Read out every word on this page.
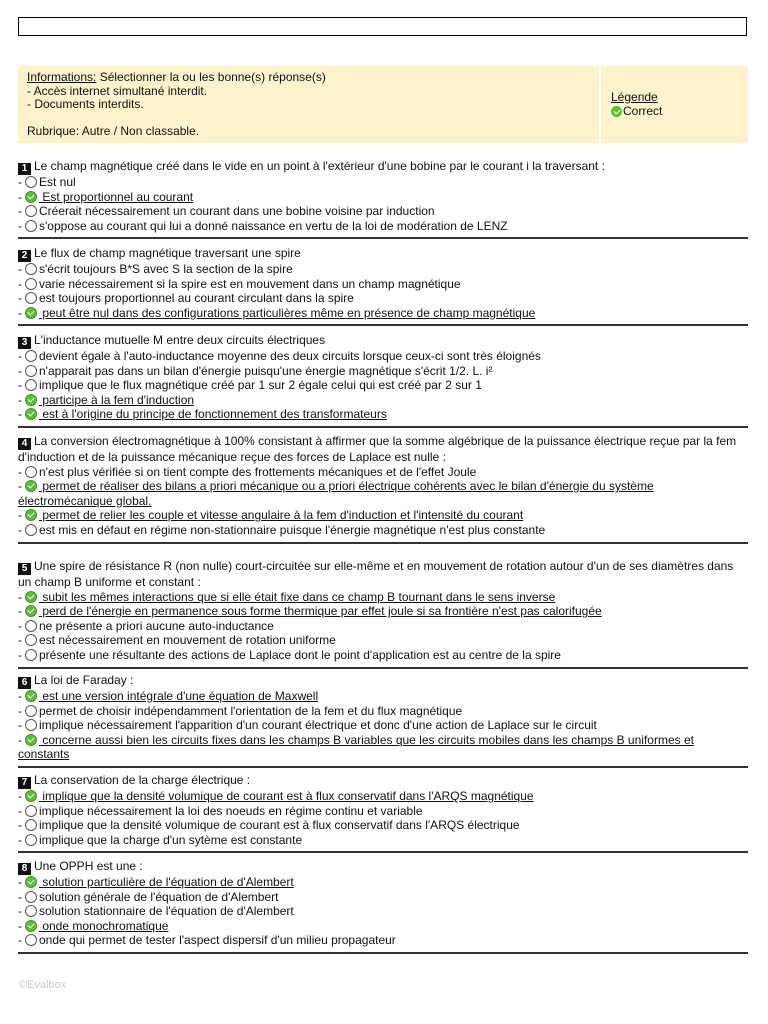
Informations: Sélectionner la ou les bonne(s) réponse(s)
- Accès internet simultané interdit.
- Documents interdits.
Rubrique: Autre / Non classable.
Légende
Correct
1 Le champ magnétique créé dans le vide en un point à l'extérieur d'une bobine par le courant i la traversant :
- Est nul
- Est proportionnel au courant
- Créerait nécessairement un courant dans une bobine voisine par induction
- s'oppose au courant qui lui a donné naissance en vertu de la loi de modération de LENZ
2 Le flux de champ magnétique traversant une spire
- s'écrit toujours B*S avec S la section de la spire
- varie nécessairement si la spire est en mouvement dans un champ magnétique
- est toujours proportionnel au courant circulant dans la spire
- peut être nul dans des configurations particulières même en présence de champ magnétique
3 L'inductance mutuelle M entre deux circuits électriques
- devient égale à l'auto-inductance moyenne des deux circuits lorsque ceux-ci sont très éloignés
- n'apparait pas dans un bilan d'énergie puisqu'une énergie magnétique s'écrit 1/2. L. i²
- implique que le flux magnétique créé par 1 sur 2 égale celui qui est créé par 2 sur 1
- participe à la fem d'induction
- est à l'origine du principe de fonctionnement des transformateurs
4 La conversion électromagnétique à 100% consistant à affirmer que la somme algébrique de la puissance électrique reçue par la fem d'induction et de la puissance mécanique reçue des forces de Laplace est nulle :
- n'est plus vérifiée si on tient compte des frottements mécaniques et de l'effet Joule
- permet de réaliser des bilans a priori mécanique ou a priori électrique cohérents avec le bilan d'énergie du système électromécanique global.
- permet de relier les couple et vitesse angulaire à la fem d'induction et l'intensité du courant
- est mis en défaut en régime non-stationnaire puisque l'énergie magnétique n'est plus constante
5 Une spire de résistance R (non nulle) court-circuitée sur elle-même et en mouvement de rotation autour d'un de ses diamètres dans un champ B uniforme et constant :
- subit les mêmes interactions que si elle était fixe dans ce champ B tournant dans le sens inverse
- perd de l'énergie en permanence sous forme thermique par effet joule si sa frontière n'est pas calorifugée
- ne présente a priori aucune auto-inductance
- est nécessairement en mouvement de rotation uniforme
- présente une résultante des actions de Laplace dont le point d'application est au centre de la spire
6 La loi de Faraday :
- est une version intégrale d'une équation de Maxwell
- permet de choisir indépendamment l'orientation de la fem et du flux magnétique
- implique nécessairement l'apparition d'un courant électrique et donc d'une action de Laplace sur le circuit
- concerne aussi bien les circuits fixes dans les champs B variables que les circuits mobiles dans les champs B uniformes et constants
7 La conservation de la charge électrique :
- implique que la densité volumique de courant est à flux conservatif dans l'ARQS magnétique
- implique nécessairement la loi des noeuds en régime continu et variable
- implique que la densité volumique de courant est à flux conservatif dans l'ARQS électrique
- implique que la charge d'un sytème est constante
8 Une OPPH est une :
- solution particulière de l'équation de d'Alembert
- solution générale de l'équation de d'Alembert
- solution stationnaire de l'équation de d'Alembert
- onde monochromatique
- onde qui permet de tester l'aspect dispersif d'un milieu propagateur
©Evalbox
